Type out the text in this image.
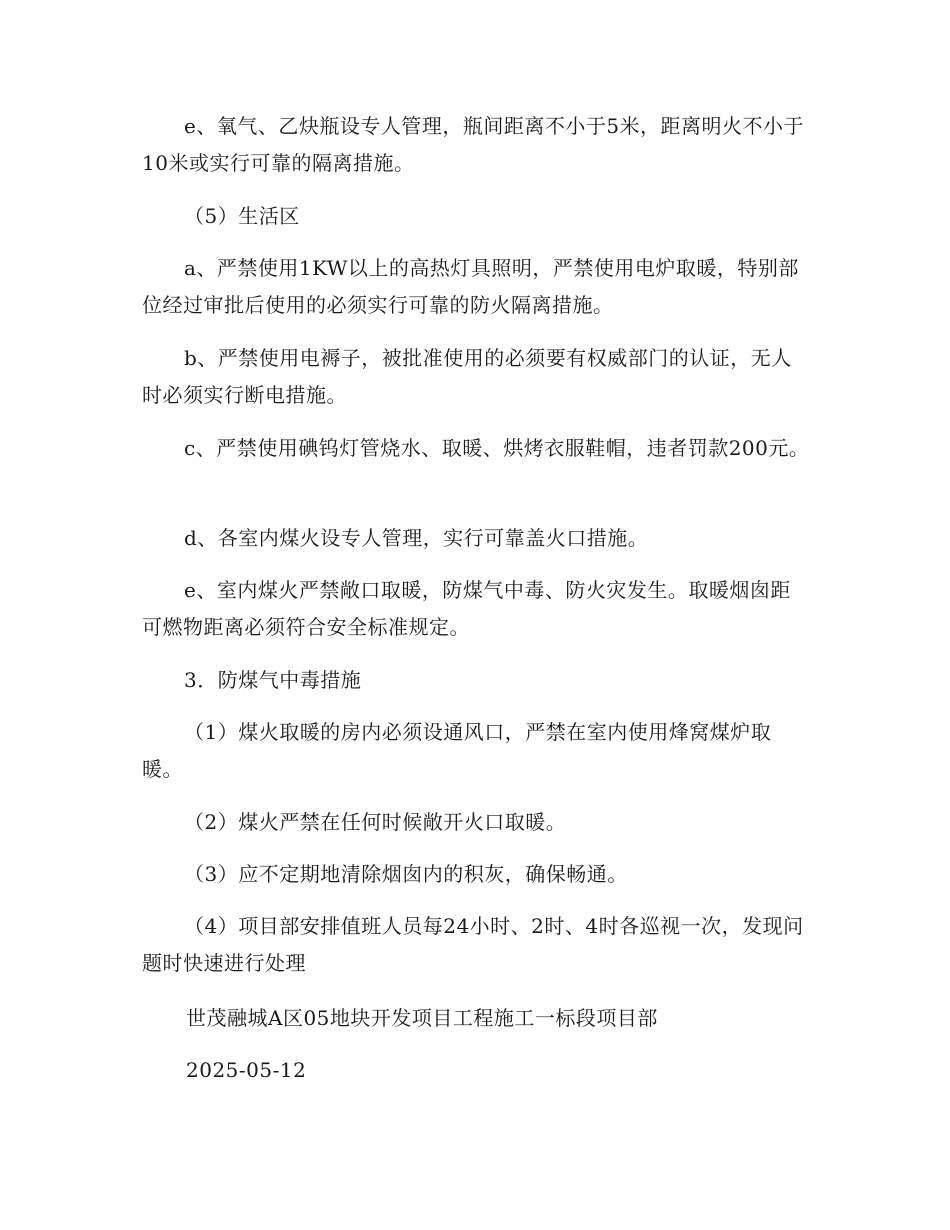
e、氧气、乙炔瓶设专人管理，瓶间距离不小于5米，距离明火不小于10米或实行可靠的隔离措施。

（5）生活区

a、严禁使用1KW以上的高热灯具照明，严禁使用电炉取暖，特别部位经过审批后使用的必须实行可靠的防火隔离措施。

b、严禁使用电褥子，被批准使用的必须要有权威部门的认证，无人时必须实行断电措施。

c、严禁使用碘钨灯管烧水、取暖、烘烤衣服鞋帽，违者罚款200元。

d、各室内煤火设专人管理，实行可靠盖火口措施。

e、室内煤火严禁敞口取暖，防煤气中毒、防火灾发生。取暖烟囱距可燃物距离必须符合安全标准规定。

3．防煤气中毒措施

（1）煤火取暖的房内必须设通风口，严禁在室内使用烽窝煤炉取暖。

（2）煤火严禁在任何时候敞开火口取暖。

（3）应不定期地清除烟囱内的积灰，确保畅通。

（4）项目部安排值班人员每24小时、2时、4时各巡视一次，发现问题时快速进行处理

世茂融城A区05地块开发项目工程施工一标段项目部

2025-05-12
